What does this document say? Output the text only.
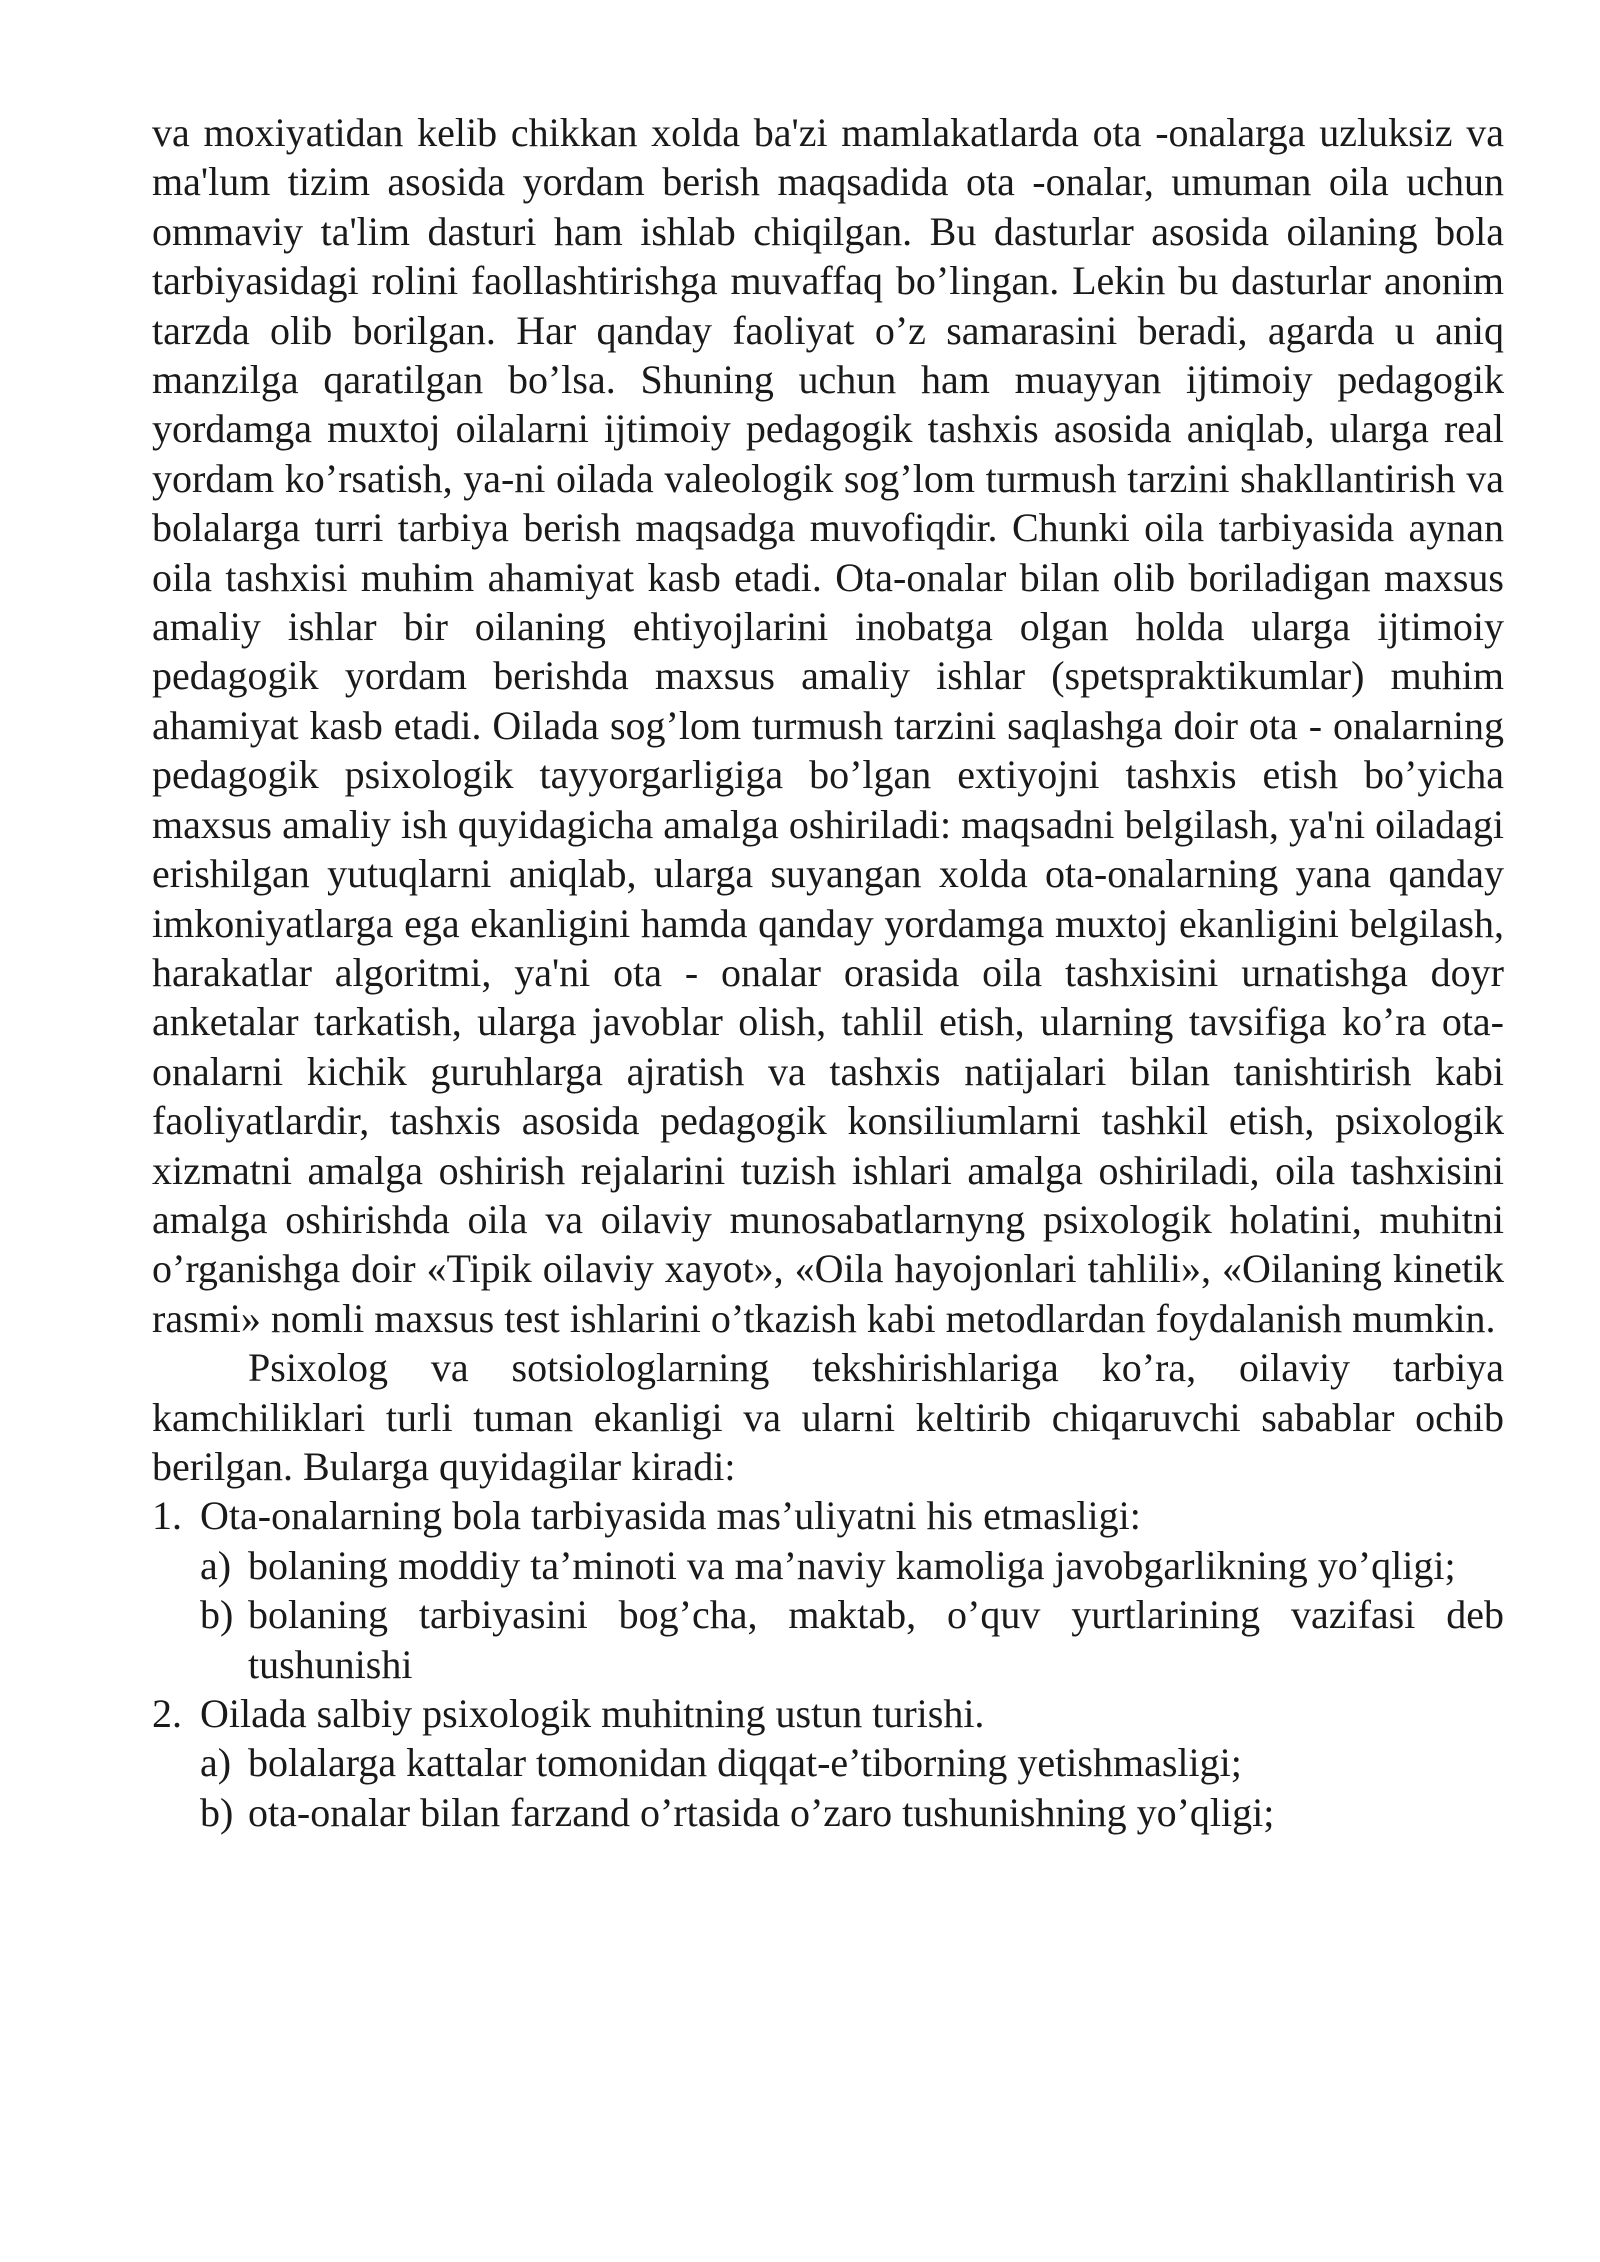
va moxiyatidan kelib chikkan xolda ba'zi mamlakatlarda ota -onalarga uzluksiz va ma'lum tizim asosida yordam berish maqsadida ota -onalar, umuman oila uchun ommaviy ta'lim dasturi ham ishlab chiqilgan. Bu dasturlar asosida oilaning bola tarbiyasidagi rolini faollashtirishga muvaffaq bo’lingan. Lekin bu dasturlar anonim tarzda olib borilgan. Har qanday faoliyat o’z samarasini beradi, agarda u aniq manzilga qaratilgan bo’lsa. Shuning uchun ham muayyan ijtimoiy pedagogik yordamga muxtoj oilalarni ijtimoiy pedagogik tashxis asosida aniqlab, ularga real yordam ko’rsatish, ya-ni oilada valeologik sog’lom turmush tarzini shakllantirish va bolalarga turri tarbiya berish maqsadga muvofiqdir. Chunki oila tarbiyasida aynan oila tashxisi muhim ahamiyat kasb etadi. Ota-onalar bilan olib boriladigan maxsus amaliy ishlar bir oilaning ehtiyojlarini inobatga olgan holda ularga ijtimoiy pedagogik yordam berishda maxsus amaliy ishlar (spetspraktikumlar) muhim ahamiyat kasb etadi. Oilada sog’lom turmush tarzini saqlashga doir ota - onalarning pedagogik psixologik tayyorgarligiga bo’lgan extiyojni tashxis etish bo’yicha maxsus amaliy ish quyidagicha amalga oshiriladi: maqsadni belgilash, ya'ni oiladagi erishilgan yutuqlarni aniqlab, ularga suyangan xolda ota-onalarning yana qanday imkoniyatlarga ega ekanligini hamda qanday yordamga muxtoj ekanligini belgilash, harakatlar algoritmi, ya'ni ota - onalar orasida oila tashxisini urnatishga doyr anketalar tarkatish, ularga javoblar olish, tahlil etish, ularning tavsifiga ko’ra ota-onalarni kichik guruhlarga ajratish va tashxis natijalari bilan tanishtirish kabi faoliyatlardir, tashxis asosida pedagogik konsiliumlarni tashkil etish, psixologik xizmatni amalga oshirish rejalarini tuzish ishlari amalga oshiriladi, oila tashxisini amalga oshirishda oila va oilaviy munosabatlarnyng psixologik holatini, muhitni o’rganishga doir «Tipik oilaviy xayot», «Oila hayojonlari tahlili», «Oilaning kinetik rasmi» nomli maxsus test ishlarini o’tkazish kabi metodlardan foydalanish mumkin.

Psixolog va sotsiologlarning tekshirishlariga ko’ra, oilaviy tarbiya kamchiliklari turli tuman ekanligi va ularni keltirib chiqaruvchi sabablar ochib berilgan. Bularga quyidagilar kiradi:

1. Ota-onalarning bola tarbiyasida mas’uliyatni his etmasligi:
a) bolaning moddiy ta’minoti va ma’naviy kamoliga javobgarlikning yo’qligi;
b) bolaning tarbiyasini bog’cha, maktab, o’quv yurtlarining vazifasi deb tushunishi
2. Oilada salbiy psixologik muhitning ustun turishi.
a) bolalarga kattalar tomonidan diqqat-e’tiborning yetishmasligi;
b) ota-onalar bilan farzand o’rtasida o’zaro tushunishning yo’qligi;
